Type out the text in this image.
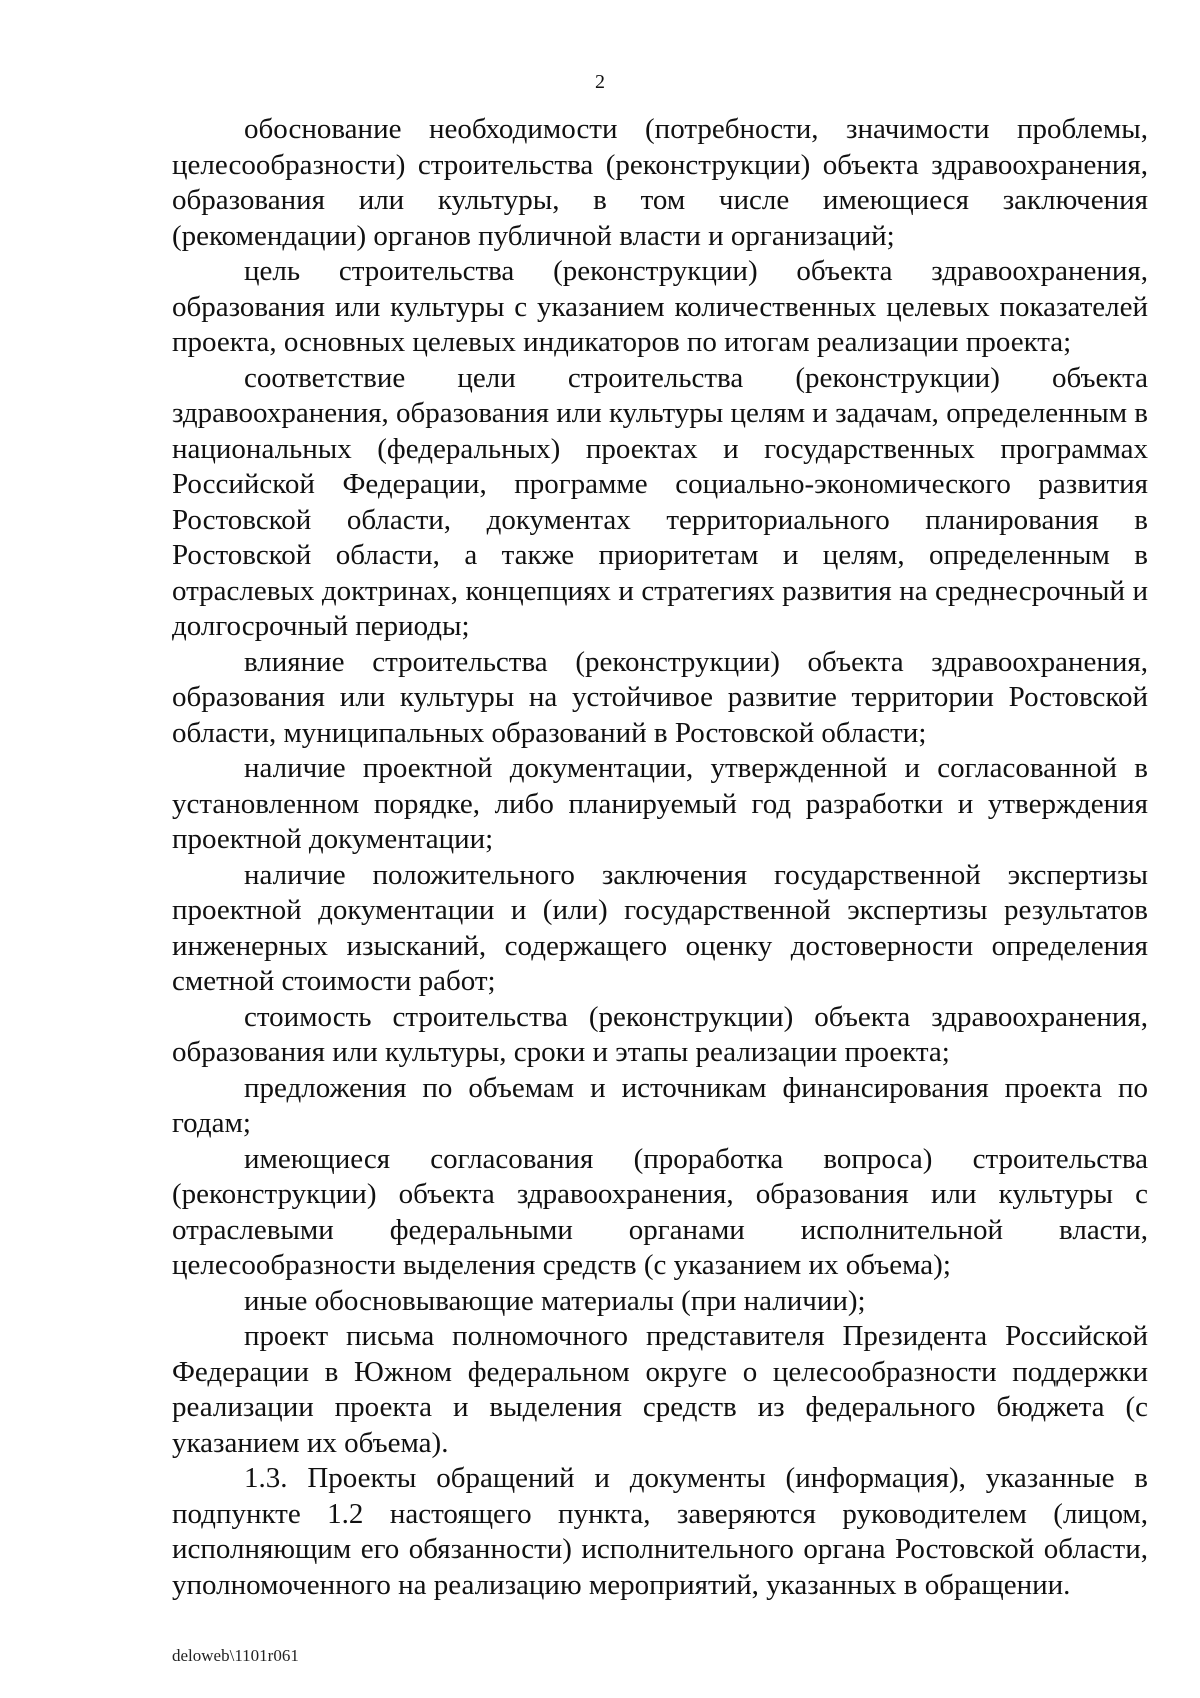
2

обоснование необходимости (потребности, значимости проблемы, целесообразности) строительства (реконструкции) объекта здравоохранения, образования или культуры, в том числе имеющиеся заключения (рекомендации) органов публичной власти и организаций;

цель строительства (реконструкции) объекта здравоохранения, образования или культуры с указанием количественных целевых показателей проекта, основных целевых индикаторов по итогам реализации проекта;

соответствие цели строительства (реконструкции) объекта здравоохранения, образования или культуры целям и задачам, определенным в национальных (федеральных) проектах и государственных программах Российской Федерации, программе социально-экономического развития Ростовской области, документах территориального планирования в Ростовской области, а также приоритетам и целям, определенным в отраслевых доктринах, концепциях и стратегиях развития на среднесрочный и долгосрочный периоды;

влияние строительства (реконструкции) объекта здравоохранения, образования или культуры на устойчивое развитие территории Ростовской области, муниципальных образований в Ростовской области;

наличие проектной документации, утвержденной и согласованной в установленном порядке, либо планируемый год разработки и утверждения проектной документации;

наличие положительного заключения государственной экспертизы проектной документации и (или) государственной экспертизы результатов инженерных изысканий, содержащего оценку достоверности определения сметной стоимости работ;

стоимость строительства (реконструкции) объекта здравоохранения, образования или культуры, сроки и этапы реализации проекта;

предложения по объемам и источникам финансирования проекта по годам;

имеющиеся согласования (проработка вопроса) строительства (реконструкции) объекта здравоохранения, образования или культуры с отраслевыми федеральными органами исполнительной власти, целесообразности выделения средств (с указанием их объема);

иные обосновывающие материалы (при наличии);

проект письма полномочного представителя Президента Российской Федерации в Южном федеральном округе о целесообразности поддержки реализации проекта и выделения средств из федерального бюджета (с указанием их объема).

1.3. Проекты обращений и документы (информация), указанные в подпункте 1.2 настоящего пункта, заверяются руководителем (лицом, исполняющим его обязанности) исполнительного органа Ростовской области, уполномоченного на реализацию мероприятий, указанных в обращении.

deloweb\1101r061
